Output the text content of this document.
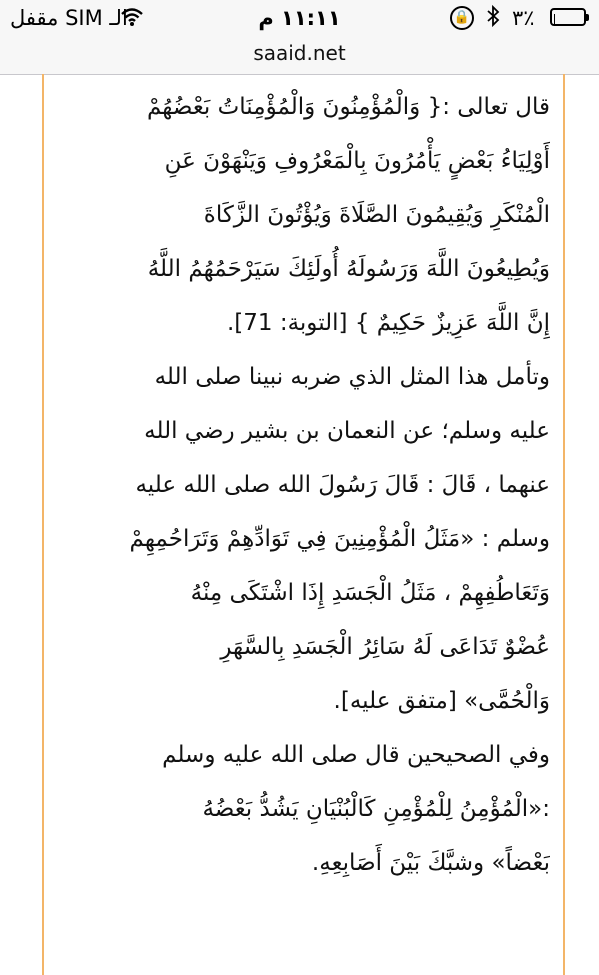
مقفل SIM الـ	١١:١١ م	🔒 ٣٪
saaid.net
قال تعالى :{ وَالْمُؤْمِنُونَ وَالْمُؤْمِنَاتُ بَعْضُهُمْ
أَوْلِيَاءُ بَعْضٍ يَأْمُرُونَ بِالْمَعْرُوفِ وَيَنْهَوْنَ عَنِ
الْمُنْكَرِ وَيُقِيمُونَ الصَّلَاةَ وَيُؤْتُونَ الزَّكَاةَ
وَيُطِيعُونَ اللَّهَ وَرَسُولَهُ أُولَئِكَ سَيَرْحَمُهُمُ اللَّهُ
إِنَّ اللَّهَ عَزِيزٌ حَكِيمٌ } [التوبة: 71].
وتأمل هذا المثل الذي ضربه نبينا صلى الله
عليه وسلم؛ عن النعمان بن بشير رضي الله
عنهما ، قَالَ : قَالَ رَسُولَ الله صلى الله عليه
وسلم : «مَثَلُ الْمُؤْمِنِينَ فِي تَوَادِّهِمْ وَتَرَاحُمِهِمْ
وَتَعَاطُفِهِمْ ، مَثَلُ الْجَسَدِ إِذَا اشْتَكَى مِنْهُ
عُضْوٌ تَدَاعَى لَهُ سَائِرُ الْجَسَدِ بِالسَّهَرِ
وَالْحُمَّى» [متفق عليه].
وفي الصحيحين قال صلى الله عليه وسلم
:«الْمُؤْمِنُ لِلْمُؤْمِنِ كَالْبُنْيَانِ يَشُدُّ بَعْضُهُ
بَعْضاً» وشبَّكَ بَيْنَ أَصَابِعِهِ.
